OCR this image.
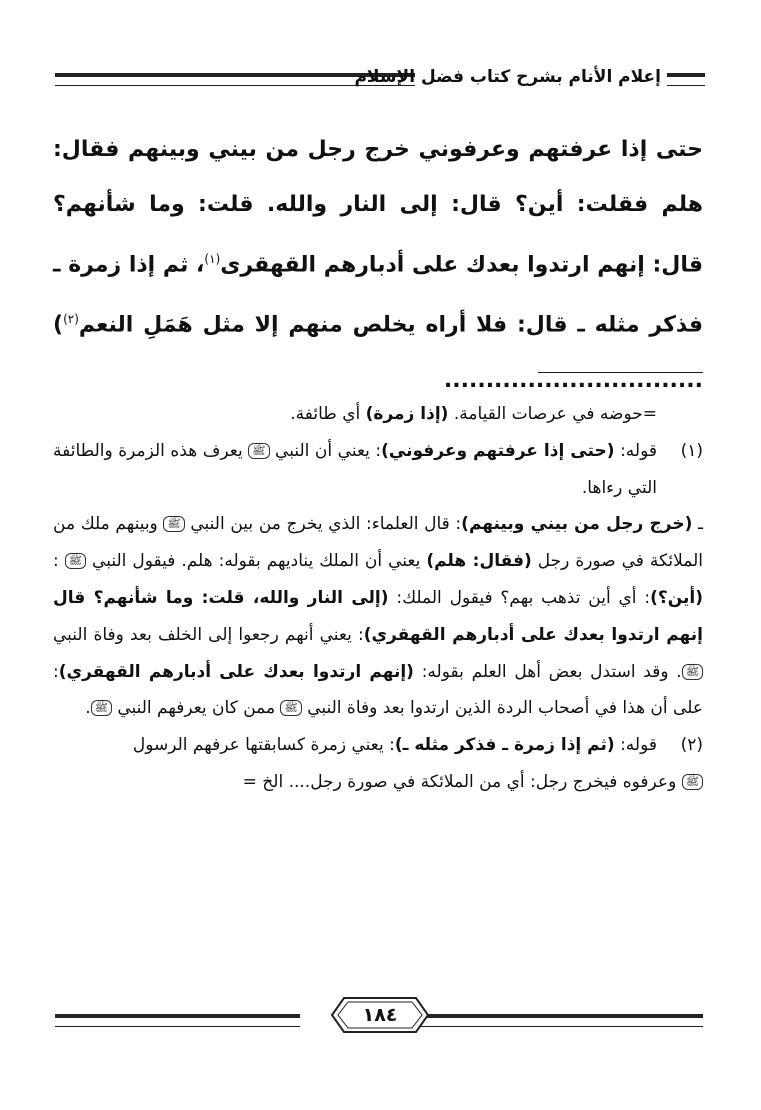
إعلام الأنام بشرح كتاب فضل الإسلام

حتى إذا عرفتهم وعرفوني خرج رجل من بيني وبينهم فقال: هلم فقلت: أين؟ قال: إلى النار والله. قلت: وما شأنهم؟ قال: إنهم ارتدوا بعدك على أدبارهم القهقرى$^{(١)}$، ثم إذا زمرة ـ فذكر مثله ـ قال: فلا أراه يخلص منهم إلا مثل هَمَلِ النعم$^{(٢)}$) ...............................

=حوضه في عرصات القيامة. (إذا زمرة) أي طائفة.

(١)

قوله: (حتى إذا عرفتهم وعرفوني): يعني أن النبي ﷺ يعرف هذه الزمرة والطائفة التي رءاها.

ـ (خرج رجل من بيني وبينهم): قال العلماء: الذي يخرج من بين النبي ﷺ وبينهم ملك من الملائكة في صورة رجل (فقال: هلم) يعني أن الملك يناديهم بقوله: هلم. فيقول النبي ﷺ : (أين؟): أي أين تذهب بهم؟ فيقول الملك: (إلى النار والله، قلت: وما شأنهم؟ قال إنهم ارتدوا بعدك على أدبارهم القهقري): يعني أنهم رجعوا إلى الخلف بعد وفاة النبي ﷺ. وقد استدل بعض أهل العلم بقوله: (إنهم ارتدوا بعدك على أدبارهم القهقري): على أن هذا في أصحاب الردة الذين ارتدوا بعد وفاة النبي ﷺ ممن كان يعرفهم النبي ﷺ.

(٢)

قوله: (ثم إذا زمرة ـ فذكر مثله ـ): يعني زمرة كسابقتها عرفهم الرسول

ﷺ وعرفوه فيخرج رجل: أي من الملائكة في صورة رجل.... الخ =

١٨٤
